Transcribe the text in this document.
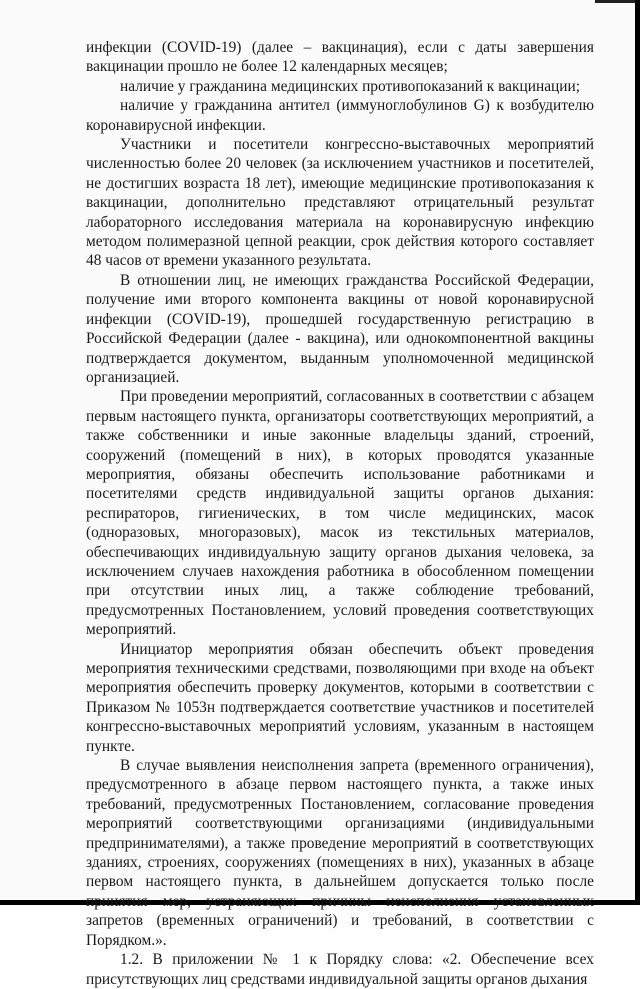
инфекции (COVID-19) (далее – вакцинация), если с даты завершения вакцинации прошло не более 12 календарных месяцев;

наличие у гражданина медицинских противопоказаний к вакцинации;

наличие у гражданина антител (иммуноглобулинов G) к возбудителю коронавирусной инфекции.

Участники и посетители конгрессно-выставочных мероприятий численностью более 20 человек (за исключением участников и посетителей, не достигших возраста 18 лет), имеющие медицинские противопоказания к вакцинации, дополнительно представляют отрицательный результат лабораторного исследования материала на коронавирусную инфекцию методом полимеразной цепной реакции, срок действия которого составляет 48 часов от времени указанного результата.

В отношении лиц, не имеющих гражданства Российской Федерации, получение ими второго компонента вакцины от новой коронавирусной инфекции (COVID-19), прошедшей государственную регистрацию в Российской Федерации (далее - вакцина), или однокомпонентной вакцины подтверждается документом, выданным уполномоченной медицинской организацией.

При проведении мероприятий, согласованных в соответствии с абзацем первым настоящего пункта, организаторы соответствующих мероприятий, а также собственники и иные законные владельцы зданий, строений, сооружений (помещений в них), в которых проводятся указанные мероприятия, обязаны обеспечить использование работниками и посетителями средств индивидуальной защиты органов дыхания: респираторов, гигиенических, в том числе медицинских, масок (одноразовых, многоразовых), масок из текстильных материалов, обеспечивающих индивидуальную защиту органов дыхания человека, за исключением случаев нахождения работника в обособленном помещении при отсутствии иных лиц, а также соблюдение требований, предусмотренных Постановлением, условий проведения соответствующих мероприятий.

Инициатор мероприятия обязан обеспечить объект проведения мероприятия техническими средствами, позволяющими при входе на объект мероприятия обеспечить проверку документов, которыми в соответствии с Приказом № 1053н подтверждается соответствие участников и посетителей конгрессно-выставочных мероприятий условиям, указанным в настоящем пункте.

В случае выявления неисполнения запрета (временного ограничения), предусмотренного в абзаце первом настоящего пункта, а также иных требований, предусмотренных Постановлением, согласование проведения мероприятий соответствующими организациями (индивидуальными предпринимателями), а также проведение мероприятий в соответствующих зданиях, строениях, сооружениях (помещениях в них), указанных в абзаце первом настоящего пункта, в дальнейшем допускается только после принятия мер, устраняющих причины неисполнения установленных запретов (временных ограничений) и требований, в соответствии с Порядком.».

1.2. В приложении № 1 к Порядку слова: «2. Обеспечение всех присутствующих лиц средствами индивидуальной защиты органов дыхания
